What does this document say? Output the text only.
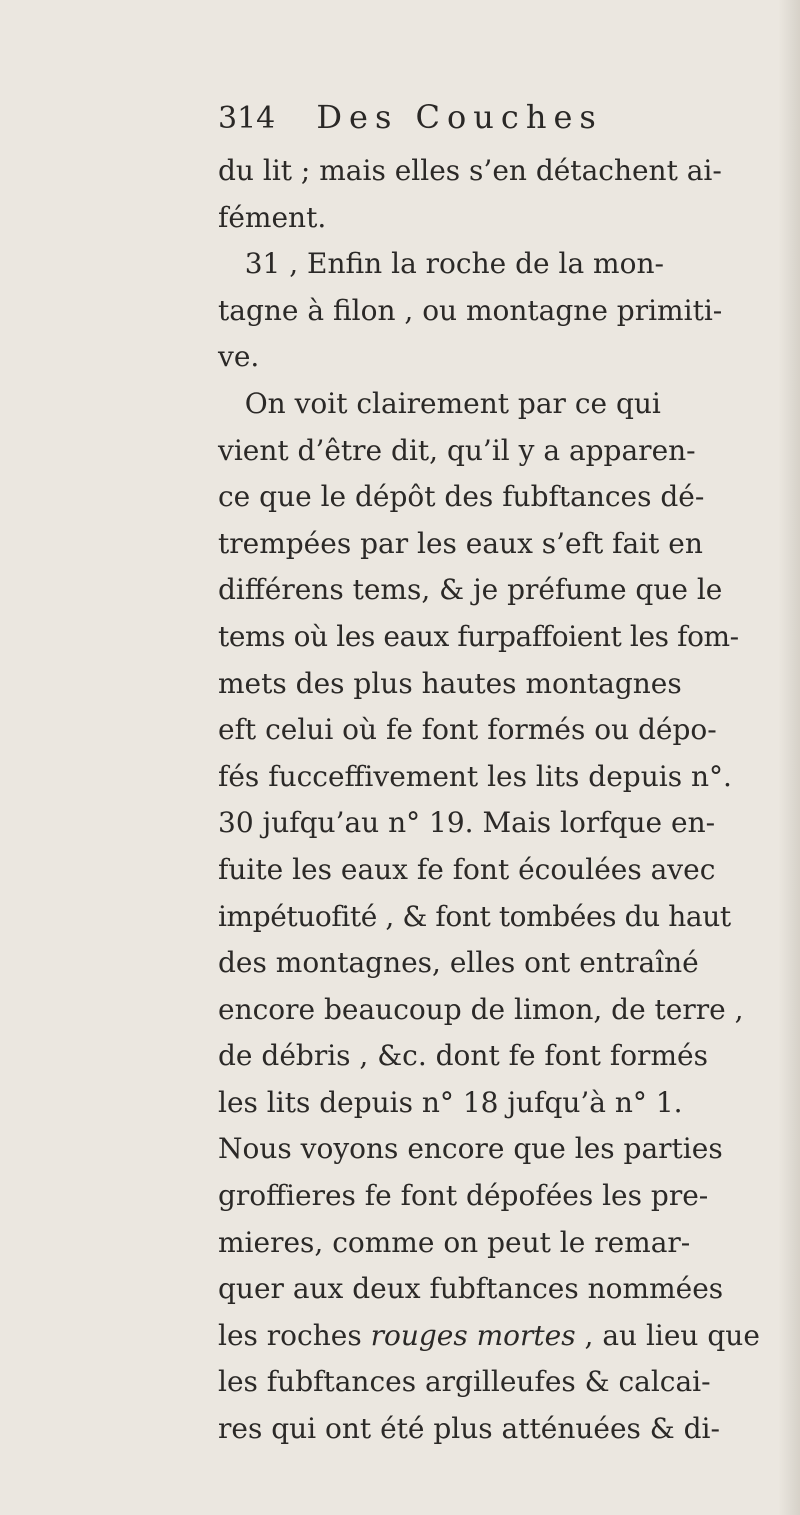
314 Des Couches
du lit ; mais elles s’en détachent ai-
fément.
31 , Enfin la roche de la mon-
tagne à filon , ou montagne primiti-
ve.
On voit clairement par ce qui
vient d’être dit, qu’il y a apparen-
ce que le dépôt des fubftances dé-
trempées par les eaux s’eft fait en
différens tems, & je préfume que le
tems où les eaux furpaffoient les fom-
mets des plus hautes montagnes
eft celui où fe font formés ou dépo-
fés fucceffivement les lits depuis n°.
30 jufqu’au n° 19. Mais lorfque en-
fuite les eaux fe font écoulées avec
impétuofité , & font tombées du haut
des montagnes, elles ont entraîné
encore beaucoup de limon, de terre ,
de débris , &c. dont fe font formés
les lits depuis n° 18 jufqu’à n° 1.
Nous voyons encore que les parties
groffieres fe font dépofées les pre-
mieres, comme on peut le remar-
quer aux deux fubftances nommées
les roches rouges mortes , au lieu que
les fubftances argilleufes & calcai-
res qui ont été plus atténuées & di-
